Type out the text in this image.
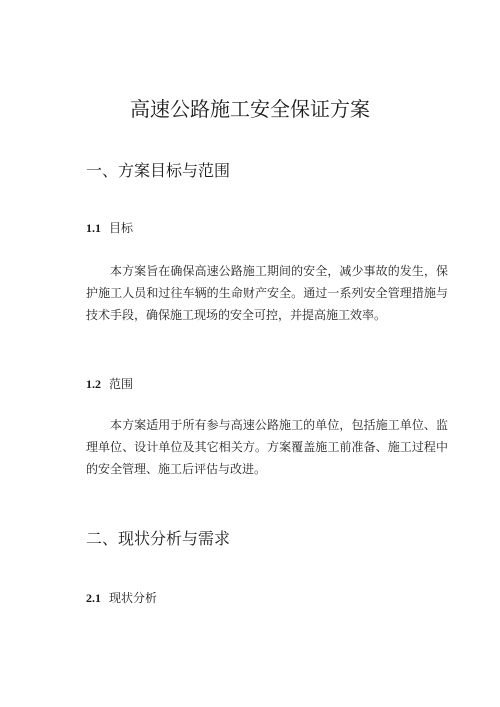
高速公路施工安全保证方案
一、方案目标与范围
1.1 目标

本方案旨在确保高速公路施工期间的安全，减少事故的发生，保护施工人员和过往车辆的生命财产安全。通过一系列安全管理措施与技术手段，确保施工现场的安全可控，并提高施工效率。

1.2 范围

本方案适用于所有参与高速公路施工的单位，包括施工单位、监理单位、设计单位及其它相关方。方案覆盖施工前准备、施工过程中的安全管理、施工后评估与改进。

二、现状分析与需求
2.1 现状分析
